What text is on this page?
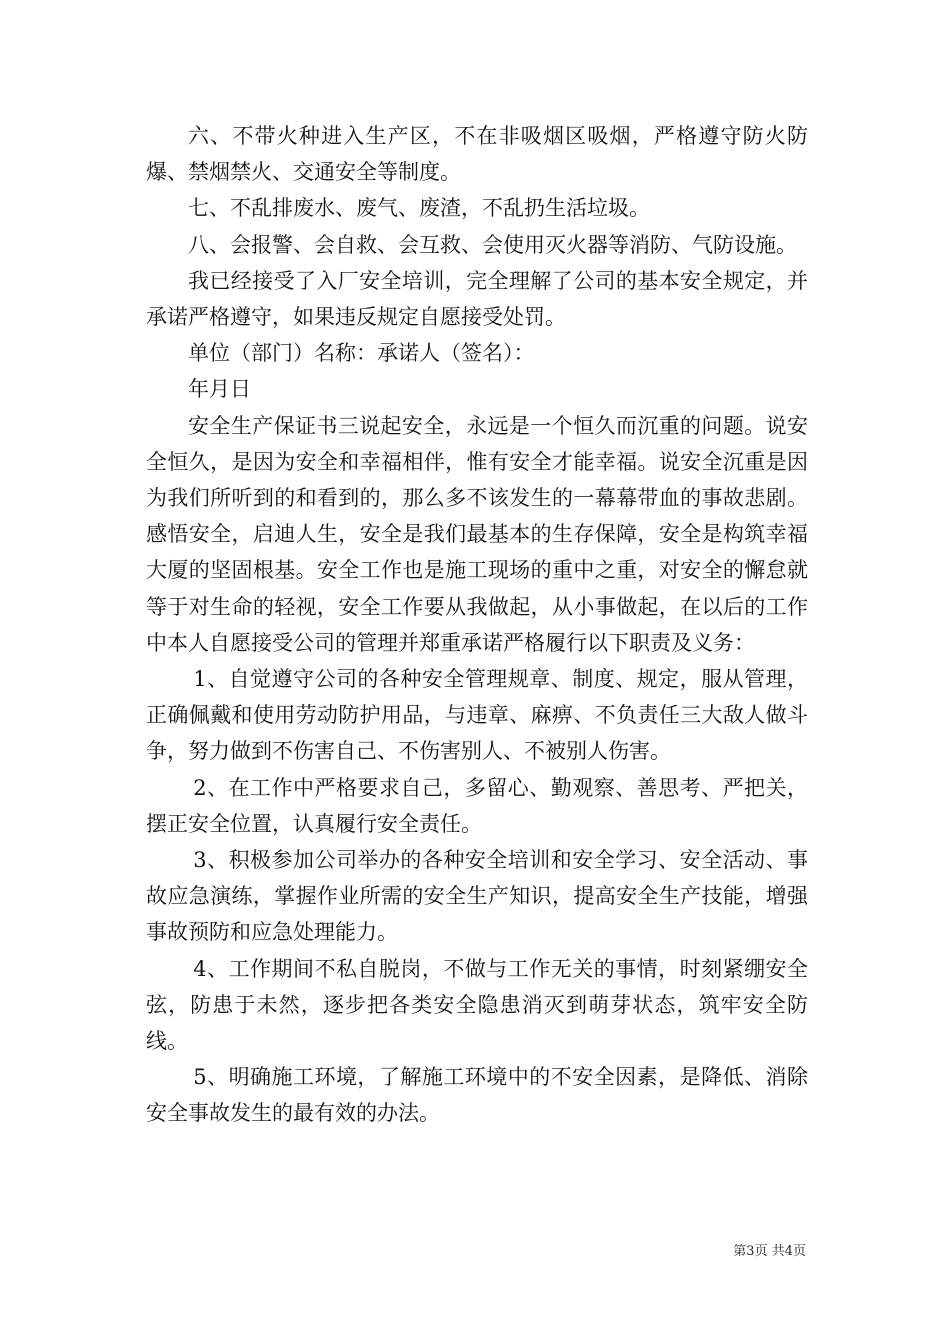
六、不带火种进入生产区，不在非吸烟区吸烟，严格遵守防火防爆、禁烟禁火、交通安全等制度。

七、不乱排废水、废气、废渣，不乱扔生活垃圾。

八、会报警、会自救、会互救、会使用灭火器等消防、气防设施。

我已经接受了入厂安全培训，完全理解了公司的基本安全规定，并承诺严格遵守，如果违反规定自愿接受处罚。

单位（部门）名称：承诺人（签名）：

年月日

安全生产保证书三说起安全，永远是一个恒久而沉重的问题。说安全恒久，是因为安全和幸福相伴，惟有安全才能幸福。说安全沉重是因为我们所听到的和看到的，那么多不该发生的一幕幕带血的事故悲剧。感悟安全，启迪人生，安全是我们最基本的生存保障，安全是构筑幸福大厦的坚固根基。安全工作也是施工现场的重中之重，对安全的懈怠就等于对生命的轻视，安全工作要从我做起，从小事做起，在以后的工作中本人自愿接受公司的管理并郑重承诺严格履行以下职责及义务：

1、自觉遵守公司的各种安全管理规章、制度、规定，服从管理，正确佩戴和使用劳动防护用品，与违章、麻痹、不负责任三大敌人做斗争，努力做到不伤害自己、不伤害别人、不被别人伤害。

2、在工作中严格要求自己，多留心、勤观察、善思考、严把关，摆正安全位置，认真履行安全责任。

3、积极参加公司举办的各种安全培训和安全学习、安全活动、事故应急演练，掌握作业所需的安全生产知识，提高安全生产技能，增强事故预防和应急处理能力。

4、工作期间不私自脱岗，不做与工作无关的事情，时刻紧绷安全弦，防患于未然，逐步把各类安全隐患消灭到萌芽状态，筑牢安全防线。

5、明确施工环境，了解施工环境中的不安全因素，是降低、消除安全事故发生的最有效的办法。

第3页 共4页
